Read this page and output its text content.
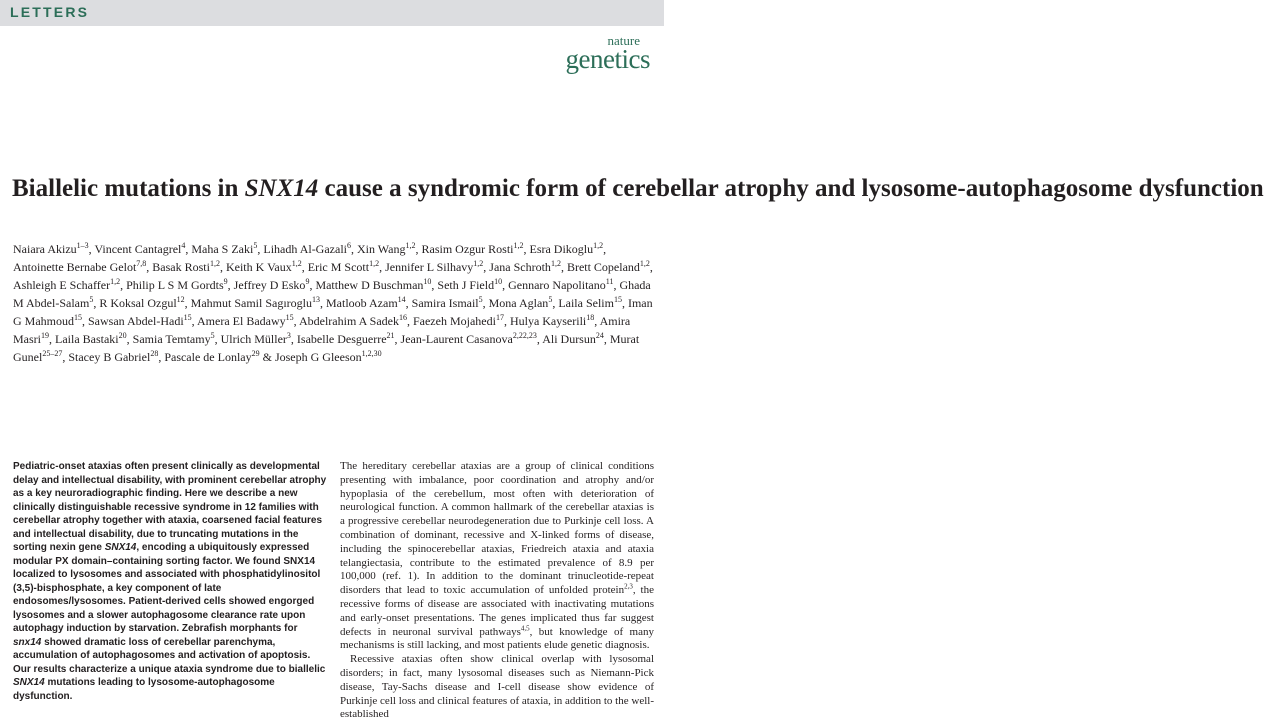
LETTERS
nature
genetics
Biallelic mutations in SNX14 cause a syndromic form of cerebellar atrophy and lysosome-autophagosome dysfunction
Naiara Akizu$^{1-3}$, Vincent Cantagrel$^4$, Maha S Zaki$^5$, Lihadh Al-Gazali$^6$, Xin Wang$^{1,2}$, Rasim Ozgur Rosti$^{1,2}$, Esra Dikoglu$^{1,2}$, Antoinette Bernabe Gelot$^{7,8}$, Basak Rosti$^{1,2}$, Keith K Vaux$^{1,2}$, Eric M Scott$^{1,2}$, Jennifer L Silhavy$^{1,2}$, Jana Schroth$^{1,2}$, Brett Copeland$^{1,2}$, Ashleigh E Schaffer$^{1,2}$, Philip L S M Gordts$^9$, Jeffrey D Esko$^9$, Matthew D Buschman$^{10}$, Seth J Field$^{10}$, Gennaro Napolitano$^{11}$, Ghada M Abdel-Salam$^5$, R Koksal Ozgul$^{12}$, Mahmut Samil Sagıroglu$^{13}$, Matloob Azam$^{14}$, Samira Ismail$^5$, Mona Aglan$^5$, Laila Selim$^{15}$, Iman G Mahmoud$^{15}$, Sawsan Abdel-Hadi$^{15}$, Amera El Badawy$^{15}$, Abdelrahim A Sadek$^{16}$, Faezeh Mojahedi$^{17}$, Hulya Kayserili$^{18}$, Amira Masri$^{19}$, Laila Bastaki$^{20}$, Samia Temtamy$^5$, Ulrich Müller$^3$, Isabelle Desguerre$^{21}$, Jean-Laurent Casanova$^{2,22,23}$, Ali Dursun$^{24}$, Murat Gunel$^{25-27}$, Stacey B Gabriel$^{28}$, Pascale de Lonlay$^{29}$ & Joseph G Gleeson$^{1,2,30}$
Pediatric-onset ataxias often present clinically as developmental delay and intellectual disability, with prominent cerebellar atrophy as a key neuroradiographic finding. Here we describe a new clinically distinguishable recessive syndrome in 12 families with cerebellar atrophy together with ataxia, coarsened facial features and intellectual disability, due to truncating mutations in the sorting nexin gene SNX14, encoding a ubiquitously expressed modular PX domain–containing sorting factor. We found SNX14 localized to lysosomes and associated with phosphatidylinositol (3,5)-bisphosphate, a key component of late endosomes/lysosomes. Patient-derived cells showed engorged lysosomes and a slower autophagosome clearance rate upon autophagy induction by starvation. Zebrafish morphants for snx14 showed dramatic loss of cerebellar parenchyma, accumulation of autophagosomes and activation of apoptosis. Our results characterize a unique ataxia syndrome due to biallelic SNX14 mutations leading to lysosome-autophagosome dysfunction.

The hereditary cerebellar ataxias are a group of clinical conditions presenting with imbalance, poor coordination and atrophy and/or hypoplasia of the cerebellum, most often with deterioration of neurological function. A common hallmark of the cerebellar ataxias is a progressive cerebellar neurodegeneration due to Purkinje cell loss. A combination of dominant, recessive and X-linked forms of disease, including the spinocerebellar ataxias, Friedreich ataxia and ataxia telangiectasia, contribute to the estimated prevalence of 8.9 per 100,000 (ref. 1). In addition to the dominant trinucleotide-repeat disorders that lead to toxic accumulation of unfolded protein$^{2,3}$, the recessive forms of disease are associated with inactivating mutations and early-onset presentations. The genes implicated thus far suggest defects in neuronal survival pathways$^{4,5}$, but knowledge of many mechanisms is still lacking, and most patients elude genetic diagnosis.

Recessive ataxias often show clinical overlap with lysosomal disorders; in fact, many lysosomal diseases such as Niemann-Pick disease, Tay-Sachs disease and I-cell disease show evidence of Purkinje cell loss and clinical features of ataxia, in addition to the well-established
